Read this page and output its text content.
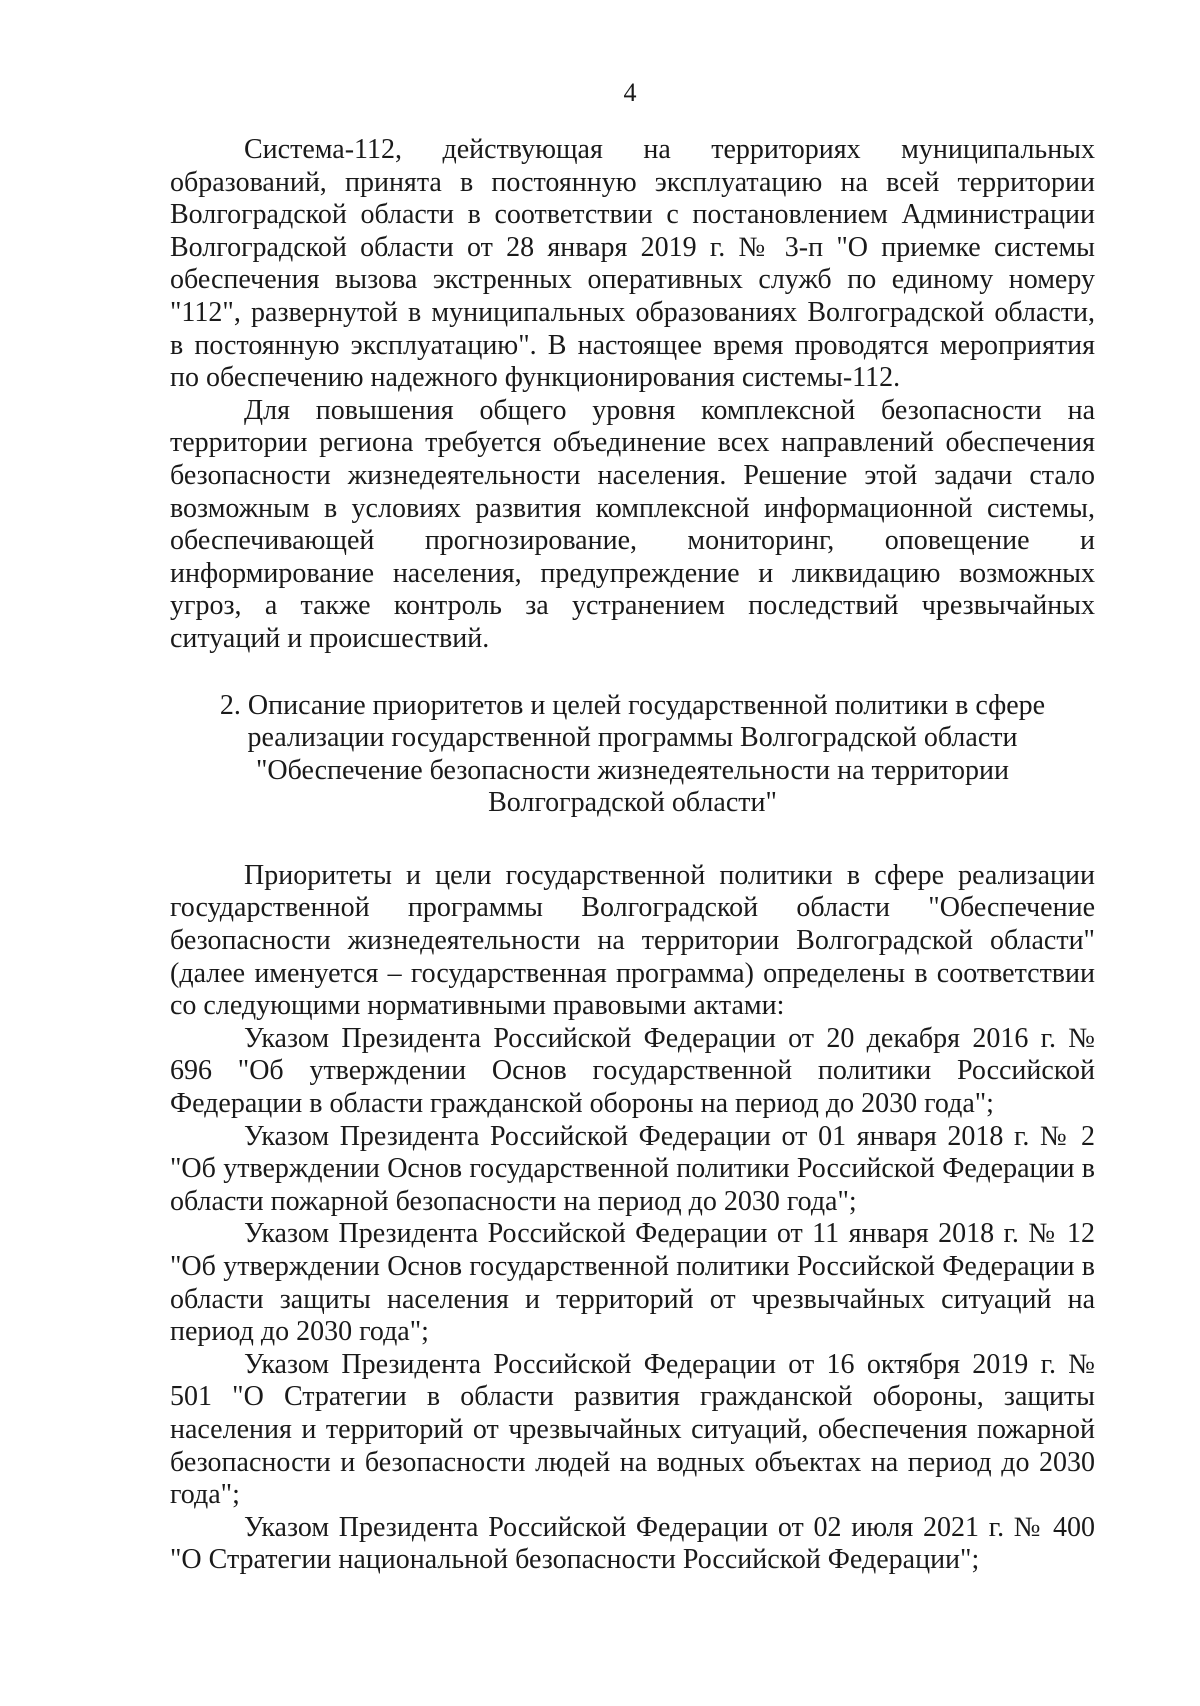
4

Система-112, действующая на территориях муниципальных образований, принята в постоянную эксплуатацию на всей территории Волгоградской области в соответствии с постановлением Администрации Волгоградской области от 28 января 2019 г. № 3-п "О приемке системы обеспечения вызова экстренных оперативных служб по единому номеру "112", развернутой в муниципальных образованиях Волгоградской области, в постоянную эксплуатацию". В настоящее время проводятся мероприятия по обеспечению надежного функционирования системы-112.

Для повышения общего уровня комплексной безопасности на территории региона требуется объединение всех направлений обеспечения безопасности жизнедеятельности населения. Решение этой задачи стало возможным в условиях развития комплексной информационной системы, обеспечивающей прогнозирование, мониторинг, оповещение и информирование населения, предупреждение и ликвидацию возможных угроз, а также контроль за устранением последствий чрезвычайных ситуаций и происшествий.

2. Описание приоритетов и целей государственной политики в сфере
реализации государственной программы Волгоградской области
"Обеспечение безопасности жизнедеятельности на территории
Волгоградской области"

Приоритеты и цели государственной политики в сфере реализации государственной программы Волгоградской области "Обеспечение безопасности жизнедеятельности на территории Волгоградской области" (далее именуется – государственная программа) определены в соответствии со следующими нормативными правовыми актами:

Указом Президента Российской Федерации от 20 декабря 2016 г. № 696 "Об утверждении Основ государственной политики Российской Федерации в области гражданской обороны на период до 2030 года";

Указом Президента Российской Федерации от 01 января 2018 г. № 2 "Об утверждении Основ государственной политики Российской Федерации в области пожарной безопасности на период до 2030 года";

Указом Президента Российской Федерации от 11 января 2018 г. № 12 "Об утверждении Основ государственной политики Российской Федерации в области защиты населения и территорий от чрезвычайных ситуаций на период до 2030 года";

Указом Президента Российской Федерации от 16 октября 2019 г. № 501 "О Стратегии в области развития гражданской обороны, защиты населения и территорий от чрезвычайных ситуаций, обеспечения пожарной безопасности и безопасности людей на водных объектах на период до 2030 года";

Указом Президента Российской Федерации от 02 июля 2021 г. № 400 "О Стратегии национальной безопасности Российской Федерации";
